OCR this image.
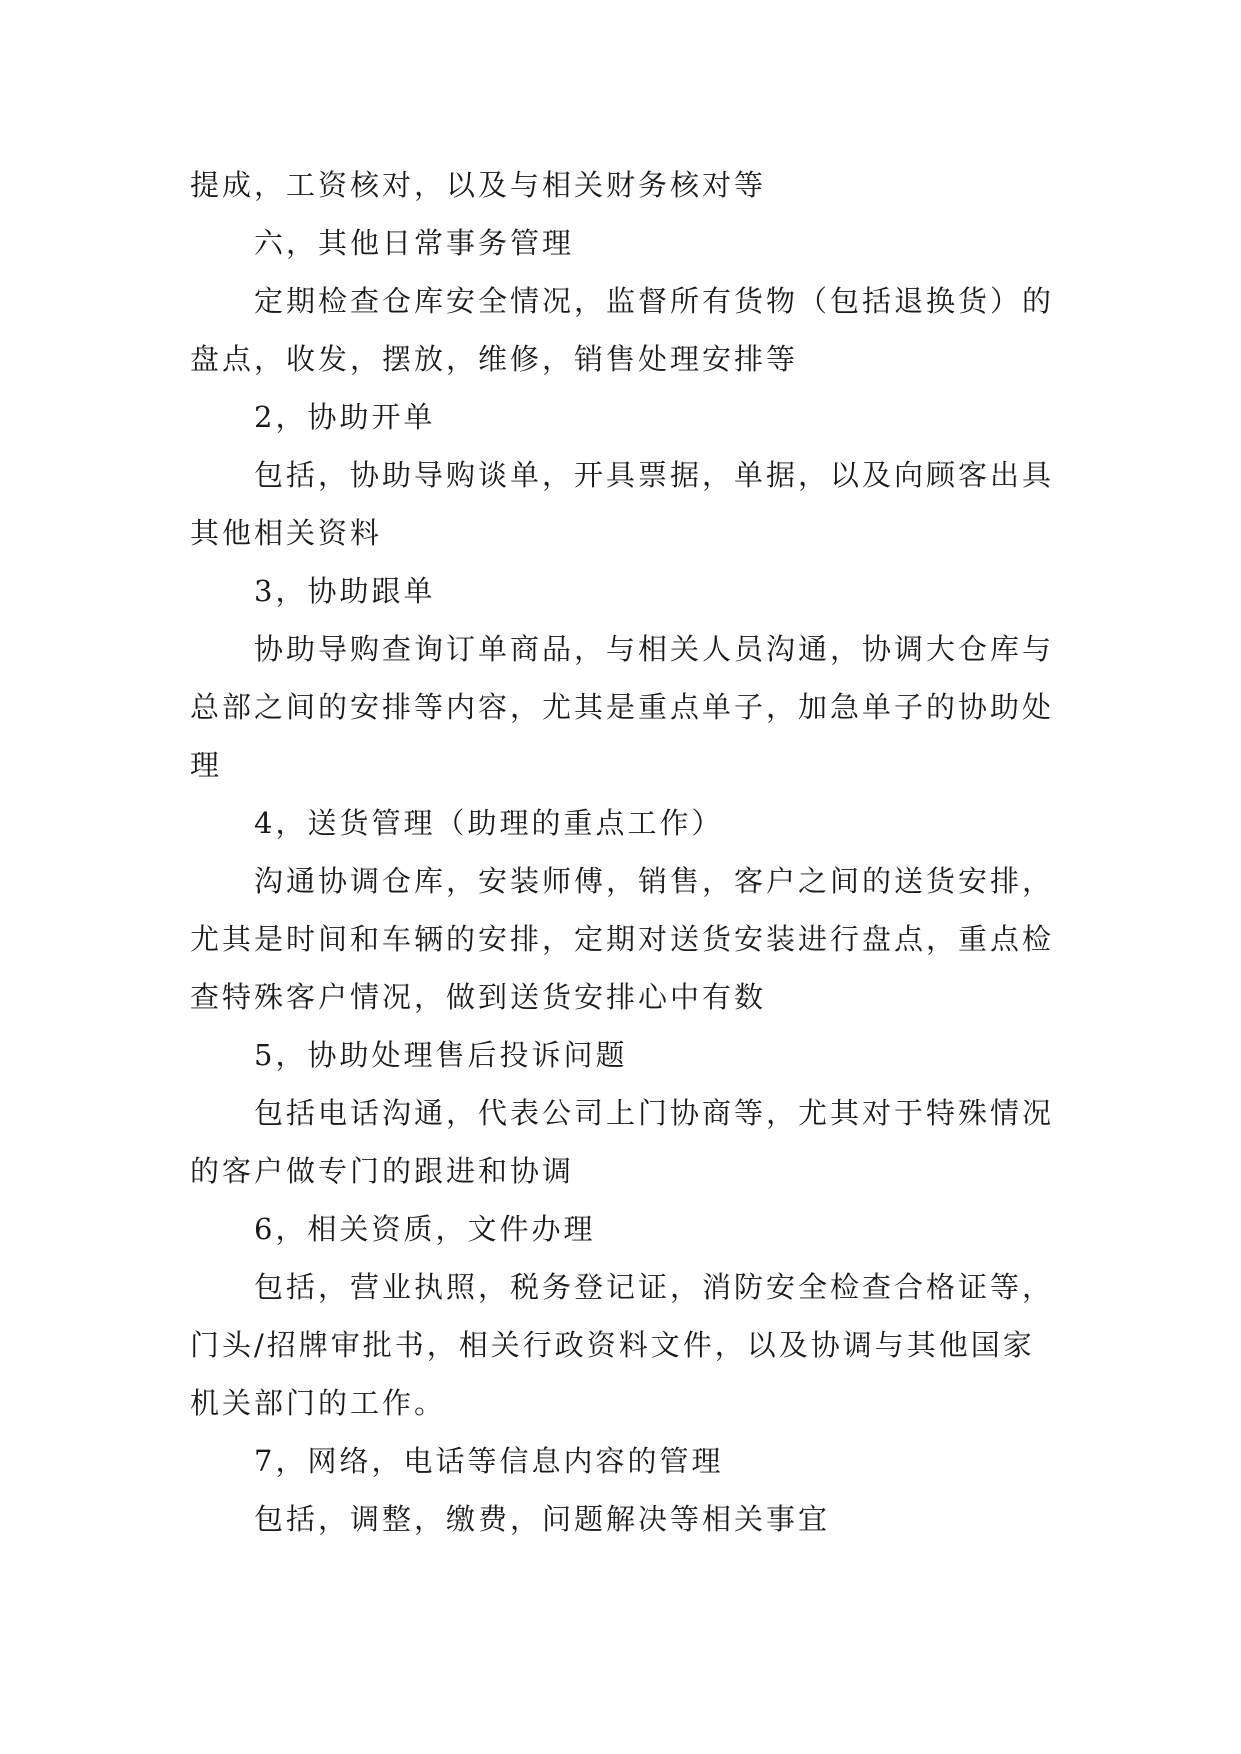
提成，工资核对，以及与相关财务核对等

六，其他日常事务管理

定期检查仓库安全情况，监督所有货物（包括退换货）的盘点，收发，摆放，维修，销售处理安排等

2，协助开单

包括，协助导购谈单，开具票据，单据，以及向顾客出具其他相关资料

3，协助跟单

协助导购查询订单商品，与相关人员沟通，协调大仓库与总部之间的安排等内容，尤其是重点单子，加急单子的协助处理

4，送货管理（助理的重点工作）

沟通协调仓库，安装师傅，销售，客户之间的送货安排，尤其是时间和车辆的安排，定期对送货安装进行盘点，重点检查特殊客户情况，做到送货安排心中有数

5，协助处理售后投诉问题

包括电话沟通，代表公司上门协商等，尤其对于特殊情况的客户做专门的跟进和协调

6，相关资质，文件办理

包括，营业执照，税务登记证，消防安全检查合格证等，门头/招牌审批书，相关行政资料文件，以及协调与其他国家机关部门的工作。

7，网络，电话等信息内容的管理

包括，调整，缴费，问题解决等相关事宜
